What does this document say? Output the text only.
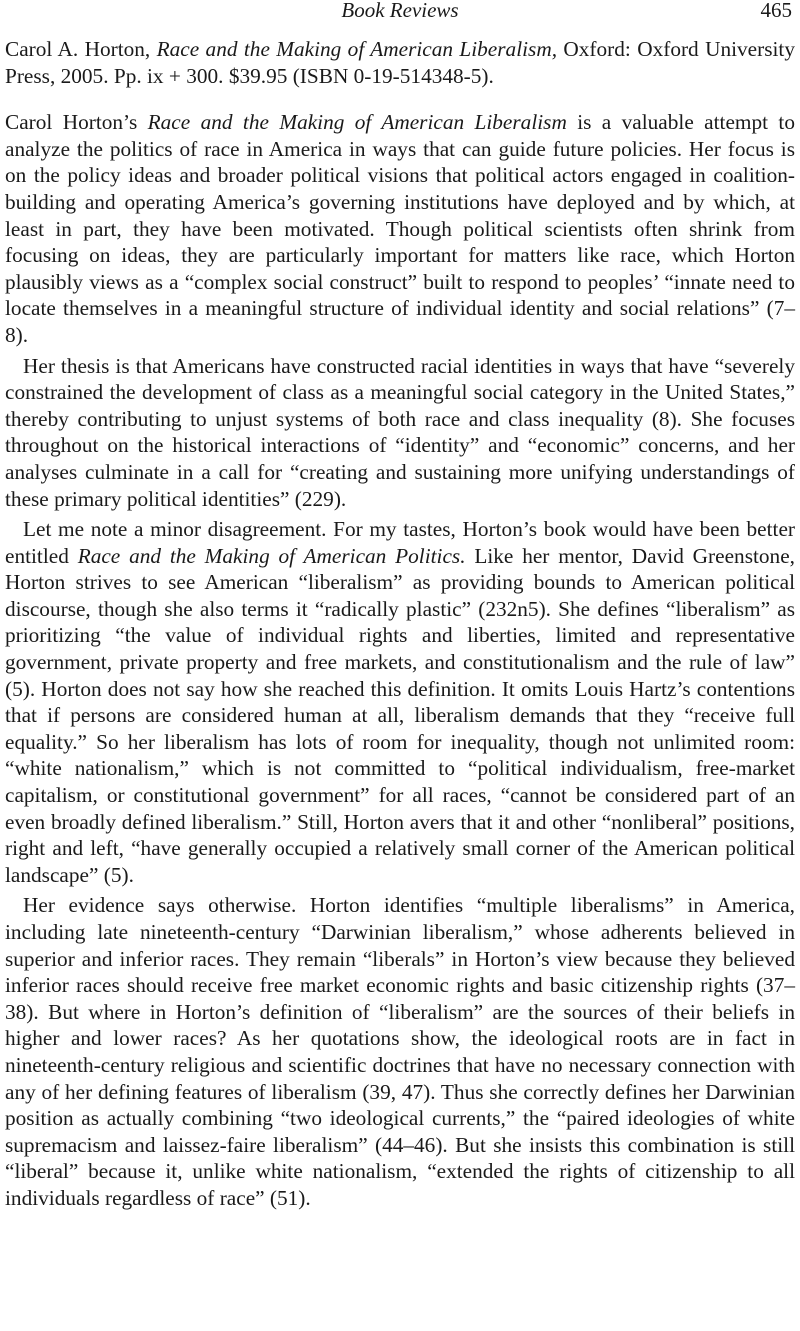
Book Reviews	465
Carol A. Horton, Race and the Making of American Liberalism, Oxford: Oxford University Press, 2005. Pp. ix + 300. $39.95 (ISBN 0-19-514348-5).

Carol Horton’s Race and the Making of American Liberalism is a valuable attempt to analyze the politics of race in America in ways that can guide future policies. Her focus is on the policy ideas and broader political visions that political actors engaged in coalition-building and operating America’s governing institutions have deployed and by which, at least in part, they have been motivated. Though political scientists often shrink from focusing on ideas, they are particularly important for matters like race, which Horton plausibly views as a “complex social construct” built to respond to peoples’ “innate need to locate themselves in a meaningful structure of individual identity and social relations” (7–8).

Her thesis is that Americans have constructed racial identities in ways that have “severely constrained the development of class as a meaningful social category in the United States,” thereby contributing to unjust systems of both race and class inequality (8). She focuses throughout on the historical interactions of “identity” and “economic” concerns, and her analyses culminate in a call for “creating and sustaining more unifying understandings of these primary political identities” (229).

Let me note a minor disagreement. For my tastes, Horton’s book would have been better entitled Race and the Making of American Politics. Like her mentor, David Greenstone, Horton strives to see American “liberalism” as providing bounds to American political discourse, though she also terms it “radically plastic” (232n5). She defines “liberalism” as prioritizing “the value of individual rights and liberties, limited and representative government, private property and free markets, and constitutionalism and the rule of law” (5). Horton does not say how she reached this definition. It omits Louis Hartz’s contentions that if persons are considered human at all, liberalism demands that they “receive full equality.” So her liberalism has lots of room for inequality, though not unlimited room: “white nationalism,” which is not committed to “political individualism, free-market capitalism, or constitutional government” for all races, “cannot be considered part of an even broadly defined liberalism.” Still, Horton avers that it and other “nonliberal” positions, right and left, “have generally occupied a relatively small corner of the American political landscape” (5).

Her evidence says otherwise. Horton identifies “multiple liberalisms” in America, including late nineteenth-century “Darwinian liberalism,” whose adherents believed in superior and inferior races. They remain “liberals” in Horton’s view because they believed inferior races should receive free market economic rights and basic citizenship rights (37–38). But where in Horton’s definition of “liberalism” are the sources of their beliefs in higher and lower races? As her quotations show, the ideological roots are in fact in nineteenth-century religious and scientific doctrines that have no necessary connection with any of her defining features of liberalism (39, 47). Thus she correctly defines her Darwinian position as actually combining “two ideological currents,” the “paired ideologies of white supremacism and laissez-faire liberalism” (44–46). But she insists this combination is still “liberal” because it, unlike white nationalism, “extended the rights of citizenship to all individuals regardless of race” (51).
